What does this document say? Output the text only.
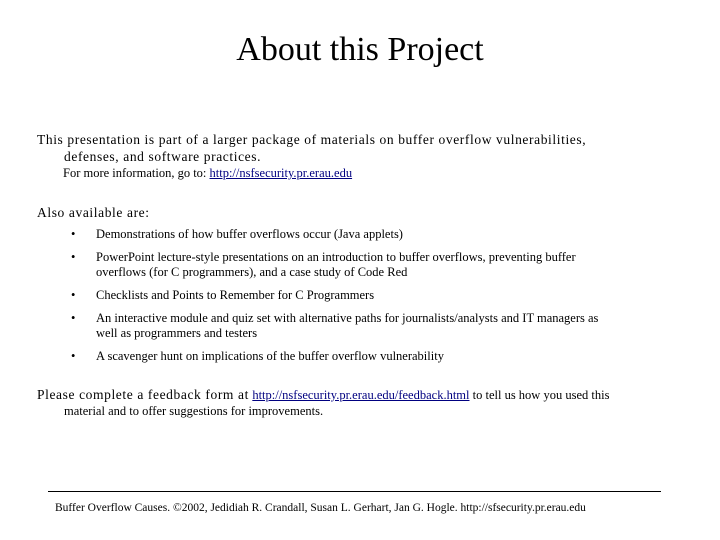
About this Project
This presentation is part of a larger package of materials on buffer overflow vulnerabilities,
defenses, and software practices.
For more information, go to: http://nsfsecurity.pr.erau.edu
Also available are:
• Demonstrations of how buffer overflows occur (Java applets)
• PowerPoint lecture-style presentations on an introduction to buffer overflows, preventing buffer
overflows (for C programmers), and a case study of Code Red
• Checklists and Points to Remember for C Programmers
• An interactive module and quiz set with alternative paths for journalists/analysts and IT managers as
well as programmers and testers
• A scavenger hunt on implications of the buffer overflow vulnerability
Please complete a feedback form at http://nsfsecurity.pr.erau.edu/feedback.html to tell us how you used this
material and to offer suggestions for improvements.
Buffer Overflow Causes. ©2002, Jedidiah R. Crandall, Susan L. Gerhart, Jan G. Hogle. http://sfsecurity.pr.erau.edu
